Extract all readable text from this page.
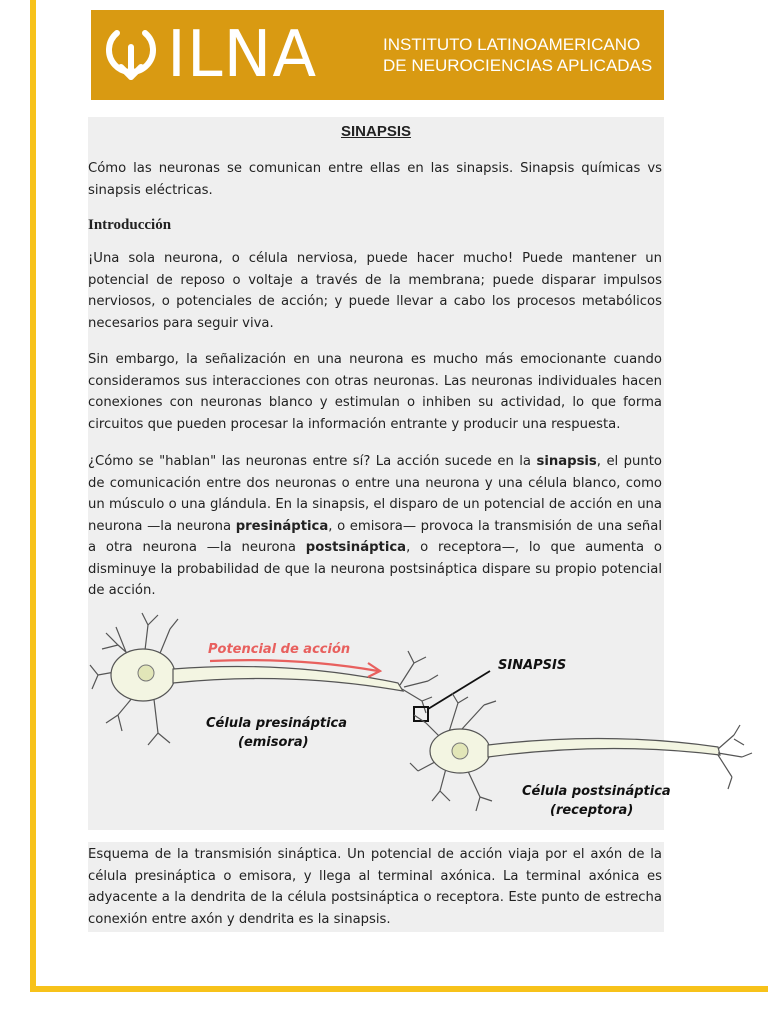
ILNA	INSTITUTO LATINOAMERICANO
DE NEUROCIENCIAS APLICADAS
SINAPSIS

Cómo las neuronas se comunican entre ellas en las sinapsis. Sinapsis químicas vs sinapsis eléctricas.

Introducción

¡Una sola neurona, o célula nerviosa, puede hacer mucho! Puede mantener un potencial de reposo o voltaje a través de la membrana; puede disparar impulsos nerviosos, o potenciales de acción; y puede llevar a cabo los procesos metabólicos necesarios para seguir viva.

Sin embargo, la señalización en una neurona es mucho más emocionante cuando consideramos sus interacciones con otras neuronas. Las neuronas individuales hacen conexiones con neuronas blanco y estimulan o inhiben su actividad, lo que forma circuitos que pueden procesar la información entrante y producir una respuesta.

¿Cómo se "hablan" las neuronas entre sí? La acción sucede en la sinapsis, el punto de comunicación entre dos neuronas o entre una neurona y una célula blanco, como un músculo o una glándula. En la sinapsis, el disparo de un potencial de acción en una neurona —la neurona presináptica, o emisora— provoca la transmisión de una señal a otra neurona —la neurona postsináptica, o receptora—, lo que aumenta o disminuye la probabilidad de que la neurona postsináptica dispare su propio potencial de acción.

Potencial de acción
SINAPSIS
Célula presináptica
(emisora)
Célula postsináptica
(receptora)

Esquema de la transmisión sináptica. Un potencial de acción viaja por el axón de la célula presináptica o emisora, y llega al terminal axónica. La terminal axónica es adyacente a la dendrita de la célula postsináptica o receptora. Este punto de estrecha conexión entre axón y dendrita es la sinapsis.
